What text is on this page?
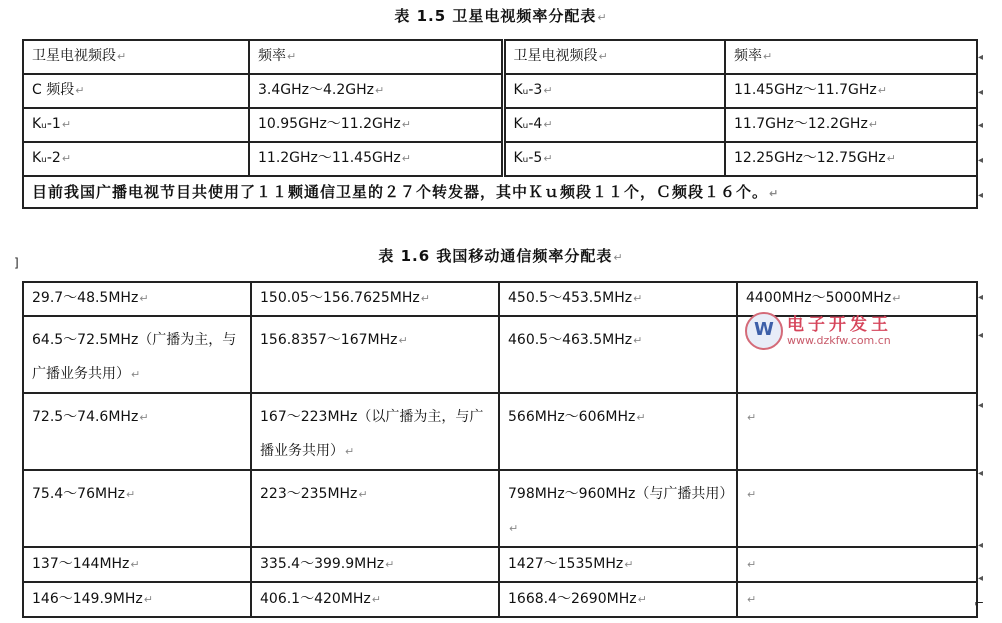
表 1.5 卫星电视频率分配表↵
卫星电视频段↵	频率↵	卫星电视频段↵	频率↵
C 频段↵	3.4GHz～4.2GHz↵	Kᵤ-3↵	11.45GHz～11.7GHz↵
Kᵤ-1↵	10.95GHz～11.2GHz↵	Kᵤ-4↵	11.7GHz～12.2GHz↵
Kᵤ-2↵	11.2GHz～11.45GHz↵	Kᵤ-5↵	12.25GHz～12.75GHz↵
目前我国广播电视节目共使用了１１颗通信卫星的２７个转发器，其中Ｋｕ频段１１个，Ｃ频段１６个。↵			
表 1.6 我国移动通信频率分配表↵
]
29.7～48.5MHz↵	150.05～156.7625MHz↵	450.5～453.5MHz↵	4400MHz～5000MHz↵
64.5～72.5MHz（广播为主，与广播业务共用）↵	156.8357～167MHz↵	460.5～463.5MHz↵	
72.5～74.6MHz↵	167～223MHz（以广播为主，与广播业务共用）↵	566MHz～606MHz↵	↵
75.4～76MHz↵	223～235MHz↵	798MHz～960MHz（与广播共用）↵	↵
137～144MHz↵	335.4～399.9MHz↵	1427～1535MHz↵	↵
146～149.9MHz↵	406.1～420MHz↵	1668.4～2690MHz↵	↵
W 电子开发王
www.dzkfw.com.cn
◂
◂
◂
◂
◂
◂
◂
◂
◂
◂
◂
⌐
